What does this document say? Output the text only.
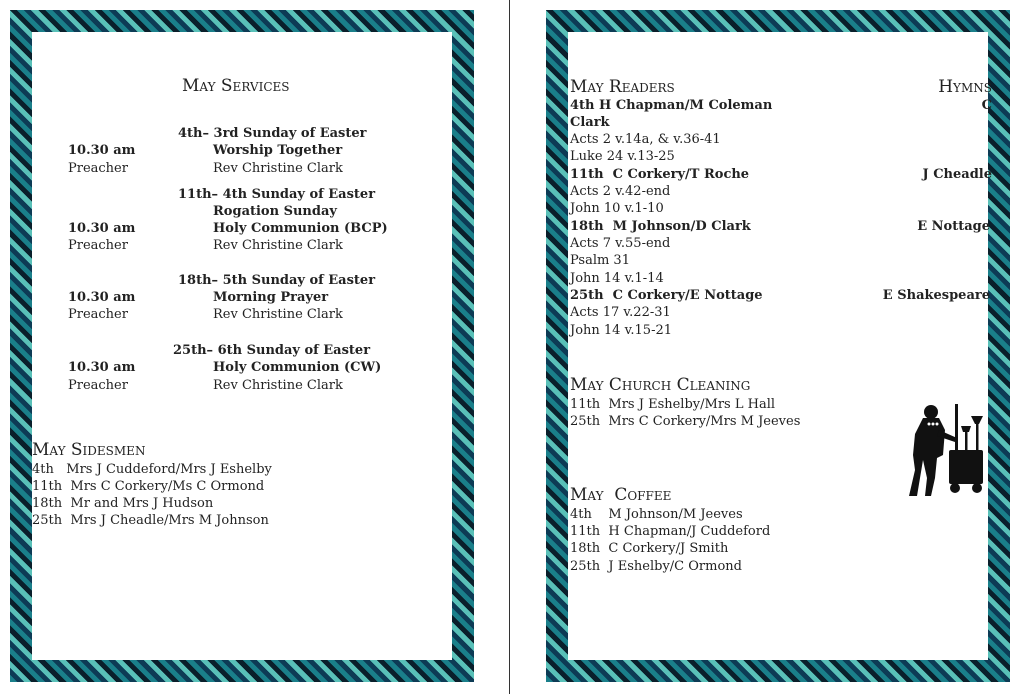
May Services
4th– 3rd Sunday of Easter
10.30 am	Worship Together
Preacher	Rev Christine Clark
11th– 4th Sunday of Easter
Rogation Sunday
10.30 am	Holy Communion (BCP)
Preacher	Rev Christine Clark
18th– 5th Sunday of Easter
10.30 am	Morning Prayer
Preacher	Rev Christine Clark
25th– 6th Sunday of Easter
10.30 am	Holy Communion (CW)
Preacher	Rev Christine Clark
May Sidesmen
4th   Mrs J Cuddeford/Mrs J Eshelby
11th  Mrs C Corkery/Ms C Ormond
18th  Mr and Mrs J Hudson
25th  Mrs J Cheadle/Mrs M Johnson
May Readers	Hymns
4th H Chapman/M Coleman	C
Clark
Acts 2 v.14a, & v.36-41
Luke 24 v.13-25
11th  C Corkery/T Roche	J Cheadle
Acts 2 v.42-end
John 10 v.1-10
18th  M Johnson/D Clark	E Nottage
Acts 7 v.55-end
Psalm 31
John 14 v.1-14
25th  C Corkery/E Nottage	E Shakespeare
Acts 17 v.22-31
John 14 v.15-21
May Church Cleaning
11th  Mrs J Eshelby/Mrs L Hall
25th  Mrs C Corkery/Mrs M Jeeves
May  Coffee
4th    M Johnson/M Jeeves
11th  H Chapman/J Cuddeford
18th  C Corkery/J Smith
25th  J Eshelby/C Ormond
